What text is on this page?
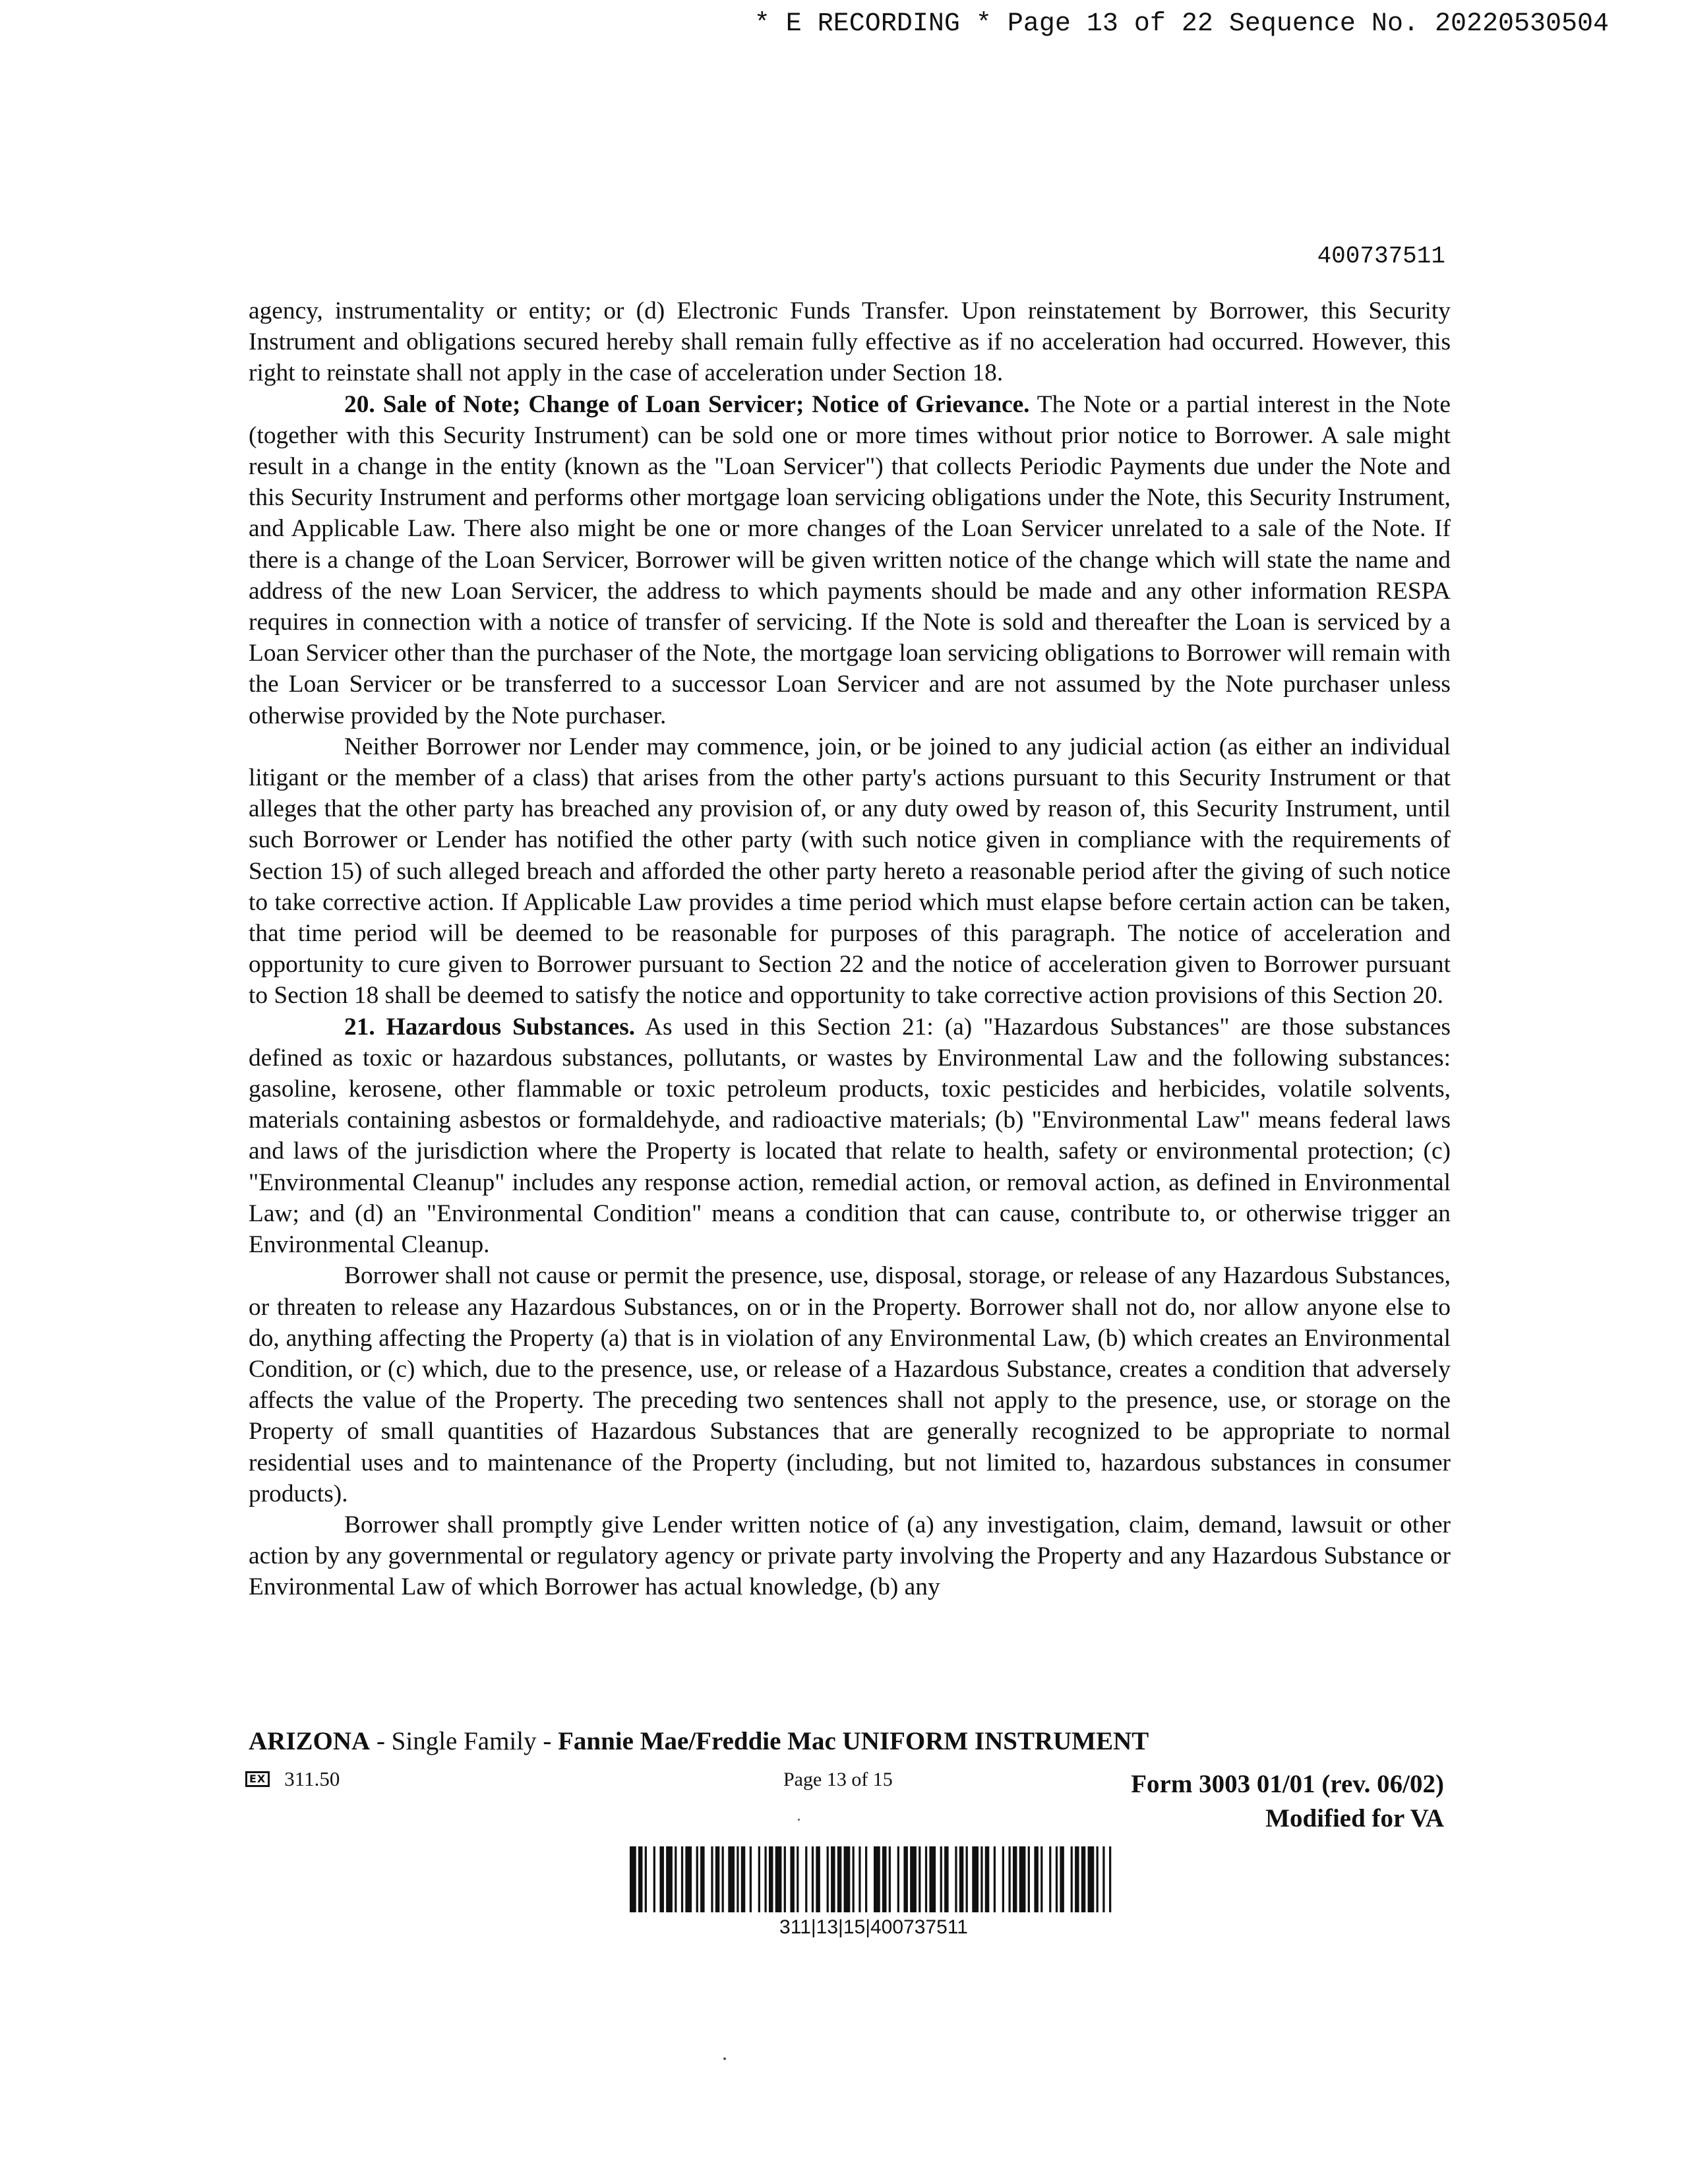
* E RECORDING * Page 13 of 22 Sequence No. 20220530504
400737511

agency, instrumentality or entity; or (d) Electronic Funds Transfer. Upon reinstatement by Borrower, this Security Instrument and obligations secured hereby shall remain fully effective as if no acceleration had occurred. However, this right to reinstate shall not apply in the case of acceleration under Section 18.

20. Sale of Note; Change of Loan Servicer; Notice of Grievance. The Note or a partial interest in the Note (together with this Security Instrument) can be sold one or more times without prior notice to Borrower. A sale might result in a change in the entity (known as the "Loan Servicer") that collects Periodic Payments due under the Note and this Security Instrument and performs other mortgage loan servicing obligations under the Note, this Security Instrument, and Applicable Law. There also might be one or more changes of the Loan Servicer unrelated to a sale of the Note. If there is a change of the Loan Servicer, Borrower will be given written notice of the change which will state the name and address of the new Loan Servicer, the address to which payments should be made and any other information RESPA requires in connection with a notice of transfer of servicing. If the Note is sold and thereafter the Loan is serviced by a Loan Servicer other than the purchaser of the Note, the mortgage loan servicing obligations to Borrower will remain with the Loan Servicer or be transferred to a successor Loan Servicer and are not assumed by the Note purchaser unless otherwise provided by the Note purchaser.

Neither Borrower nor Lender may commence, join, or be joined to any judicial action (as either an individual litigant or the member of a class) that arises from the other party's actions pursuant to this Security Instrument or that alleges that the other party has breached any provision of, or any duty owed by reason of, this Security Instrument, until such Borrower or Lender has notified the other party (with such notice given in compliance with the requirements of Section 15) of such alleged breach and afforded the other party hereto a reasonable period after the giving of such notice to take corrective action. If Applicable Law provides a time period which must elapse before certain action can be taken, that time period will be deemed to be reasonable for purposes of this paragraph. The notice of acceleration and opportunity to cure given to Borrower pursuant to Section 22 and the notice of acceleration given to Borrower pursuant to Section 18 shall be deemed to satisfy the notice and opportunity to take corrective action provisions of this Section 20.

21. Hazardous Substances. As used in this Section 21: (a) "Hazardous Substances" are those substances defined as toxic or hazardous substances, pollutants, or wastes by Environmental Law and the following substances: gasoline, kerosene, other flammable or toxic petroleum products, toxic pesticides and herbicides, volatile solvents, materials containing asbestos or formaldehyde, and radioactive materials; (b) "Environmental Law" means federal laws and laws of the jurisdiction where the Property is located that relate to health, safety or environmental protection; (c) "Environmental Cleanup" includes any response action, remedial action, or removal action, as defined in Environmental Law; and (d) an "Environmental Condition" means a condition that can cause, contribute to, or otherwise trigger an Environmental Cleanup.

Borrower shall not cause or permit the presence, use, disposal, storage, or release of any Hazardous Substances, or threaten to release any Hazardous Substances, on or in the Property. Borrower shall not do, nor allow anyone else to do, anything affecting the Property (a) that is in violation of any Environmental Law, (b) which creates an Environmental Condition, or (c) which, due to the presence, use, or release of a Hazardous Substance, creates a condition that adversely affects the value of the Property. The preceding two sentences shall not apply to the presence, use, or storage on the Property of small quantities of Hazardous Substances that are generally recognized to be appropriate to normal residential uses and to maintenance of the Property (including, but not limited to, hazardous substances in consumer products).

Borrower shall promptly give Lender written notice of (a) any investigation, claim, demand, lawsuit or other action by any governmental or regulatory agency or private party involving the Property and any Hazardous Substance or Environmental Law of which Borrower has actual knowledge, (b) any

ARIZONA - Single Family - Fannie Mae/Freddie Mac UNIFORM INSTRUMENT
EX 311.50	Page 13 of 15	Form 3003 01/01 (rev. 06/02)
Modified for VA
311|13|15|400737511
